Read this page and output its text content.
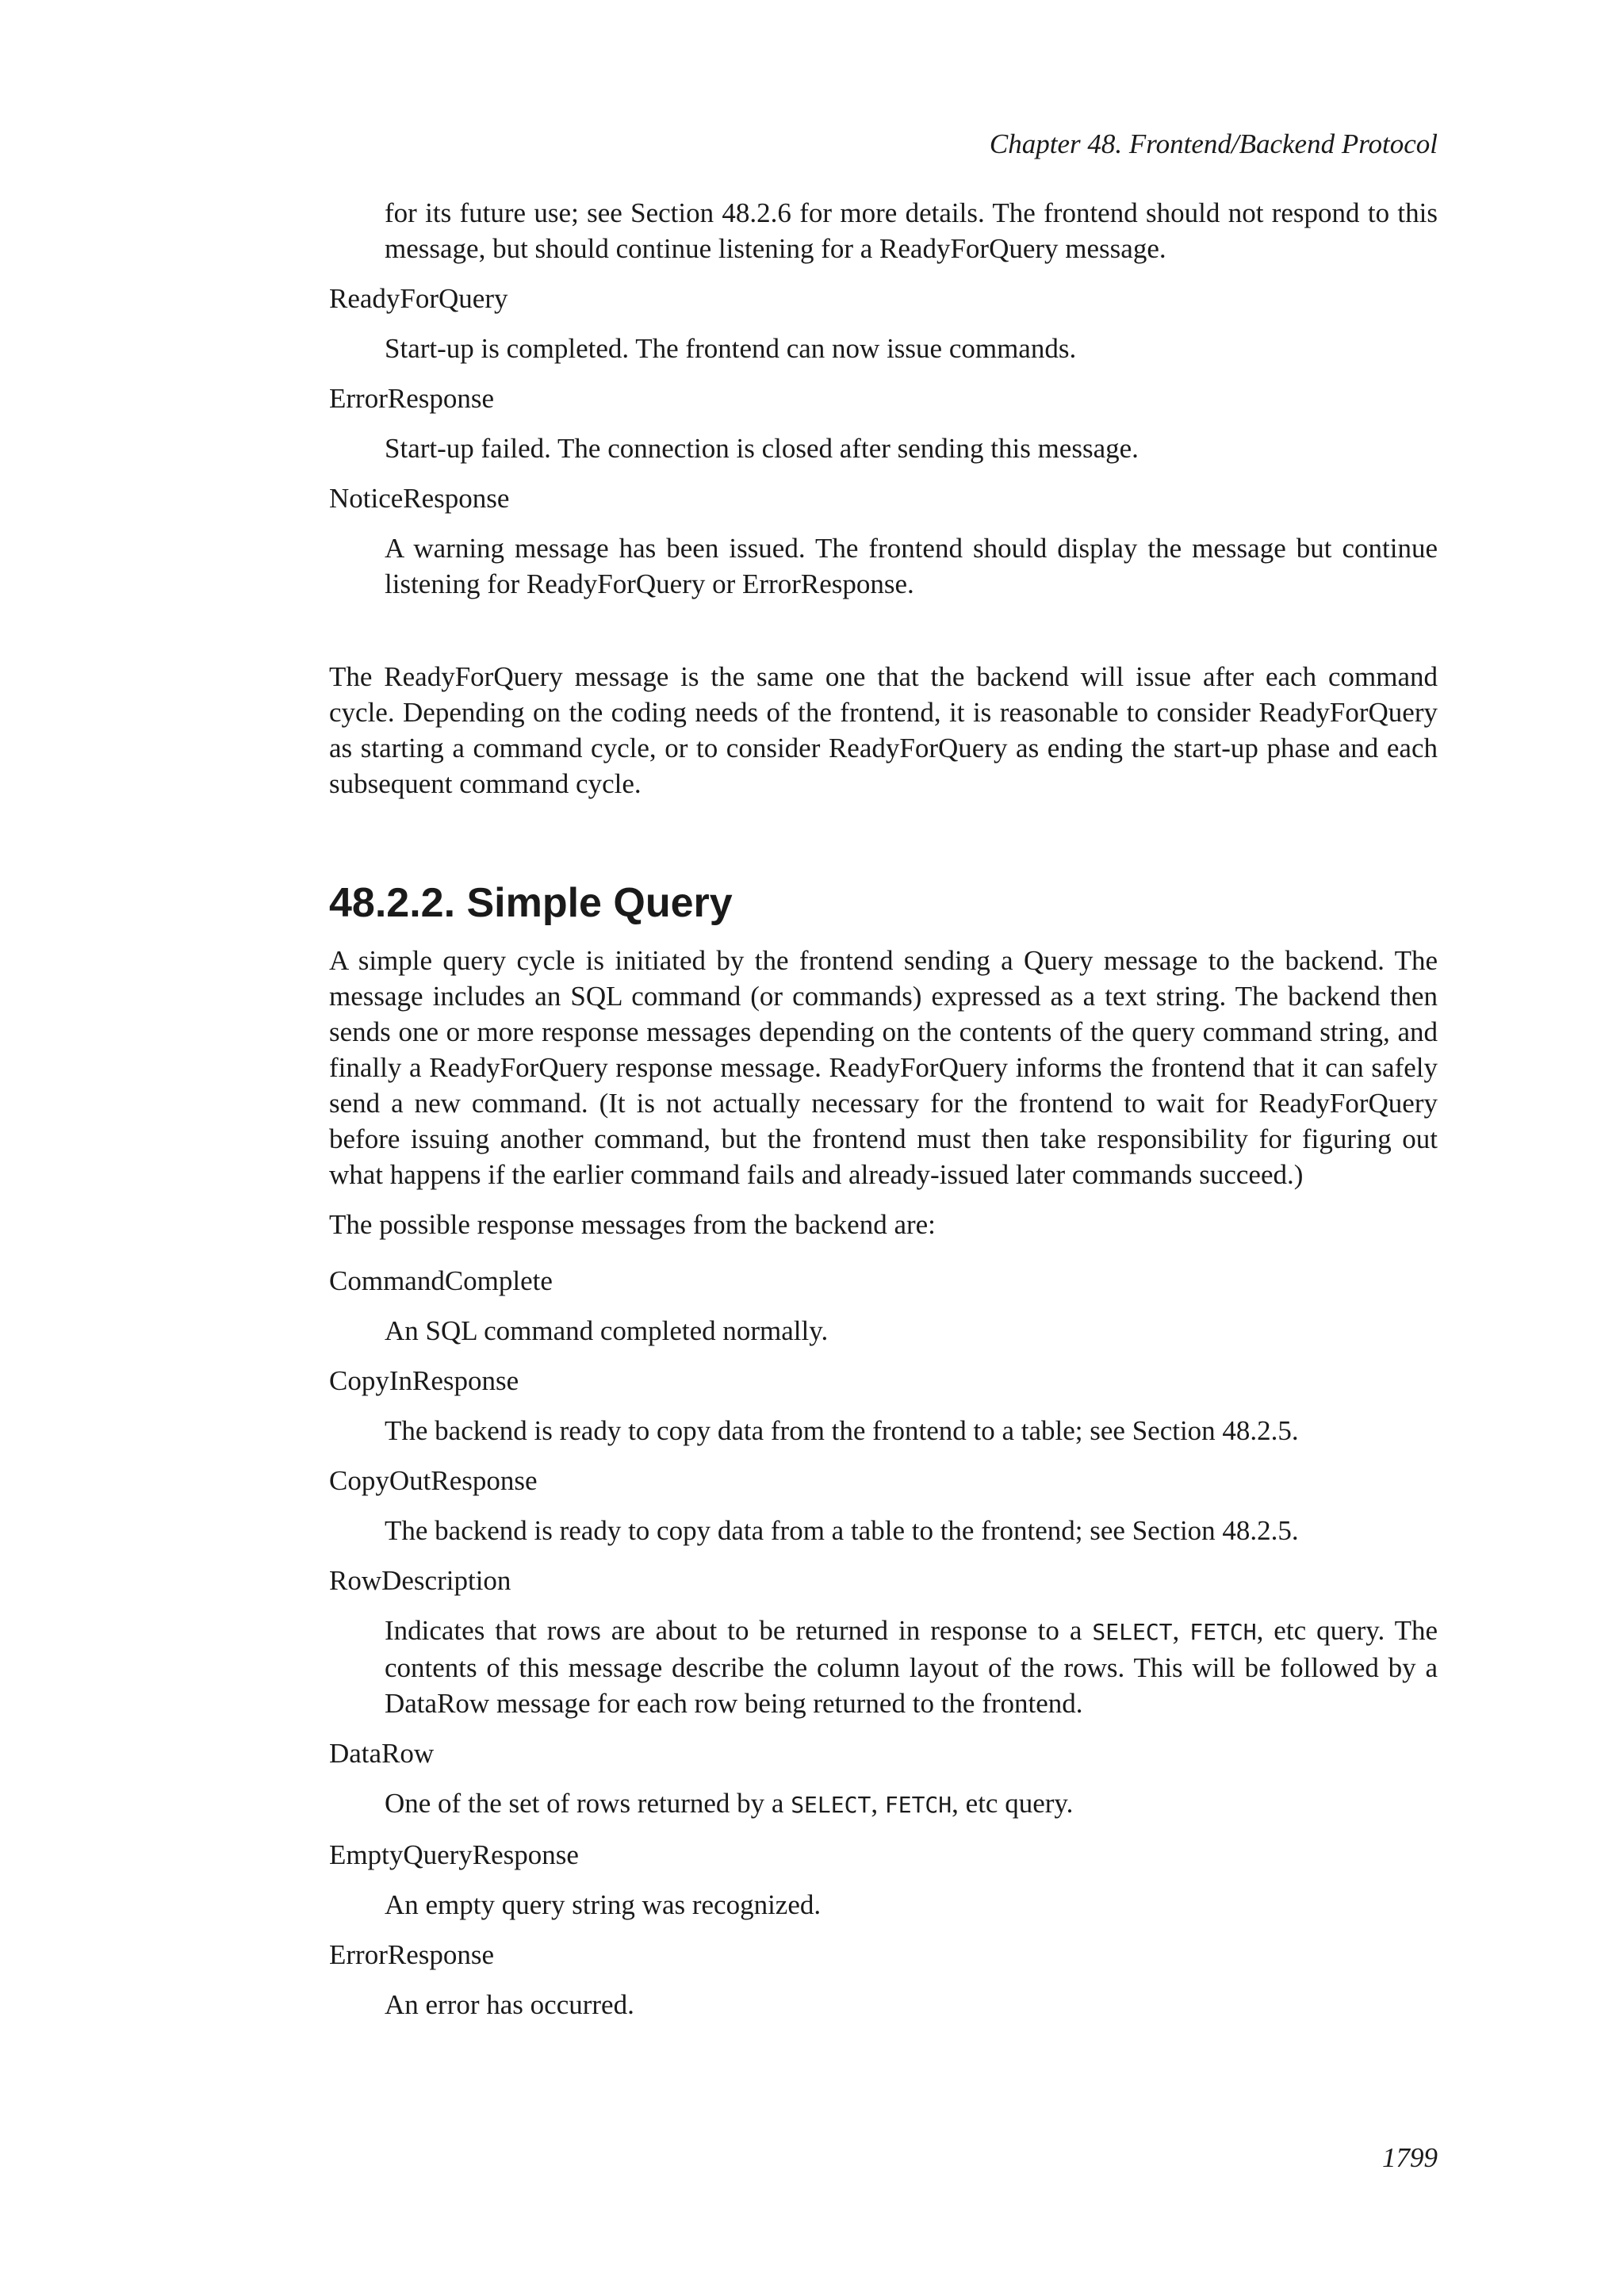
Chapter 48. Frontend/Backend Protocol

for its future use; see Section 48.2.6 for more details. The frontend should not respond to this message, but should continue listening for a ReadyForQuery message.

ReadyForQuery

Start-up is completed. The frontend can now issue commands.

ErrorResponse

Start-up failed. The connection is closed after sending this message.

NoticeResponse

A warning message has been issued. The frontend should display the message but continue listening for ReadyForQuery or ErrorResponse.

The ReadyForQuery message is the same one that the backend will issue after each command cycle. Depending on the coding needs of the frontend, it is reasonable to consider ReadyForQuery as starting a command cycle, or to consider ReadyForQuery as ending the start-up phase and each subsequent command cycle.

48.2.2. Simple Query

A simple query cycle is initiated by the frontend sending a Query message to the backend. The message includes an SQL command (or commands) expressed as a text string. The backend then sends one or more response messages depending on the contents of the query command string, and finally a ReadyForQuery response message. ReadyForQuery informs the frontend that it can safely send a new command. (It is not actually necessary for the frontend to wait for ReadyForQuery before issuing another command, but the frontend must then take responsibility for figuring out what happens if the earlier command fails and already-issued later commands succeed.)

The possible response messages from the backend are:

CommandComplete

An SQL command completed normally.

CopyInResponse

The backend is ready to copy data from the frontend to a table; see Section 48.2.5.

CopyOutResponse

The backend is ready to copy data from a table to the frontend; see Section 48.2.5.

RowDescription

Indicates that rows are about to be returned in response to a SELECT, FETCH, etc query. The contents of this message describe the column layout of the rows. This will be followed by a DataRow message for each row being returned to the frontend.

DataRow

One of the set of rows returned by a SELECT, FETCH, etc query.

EmptyQueryResponse

An empty query string was recognized.

ErrorResponse

An error has occurred.

1799
